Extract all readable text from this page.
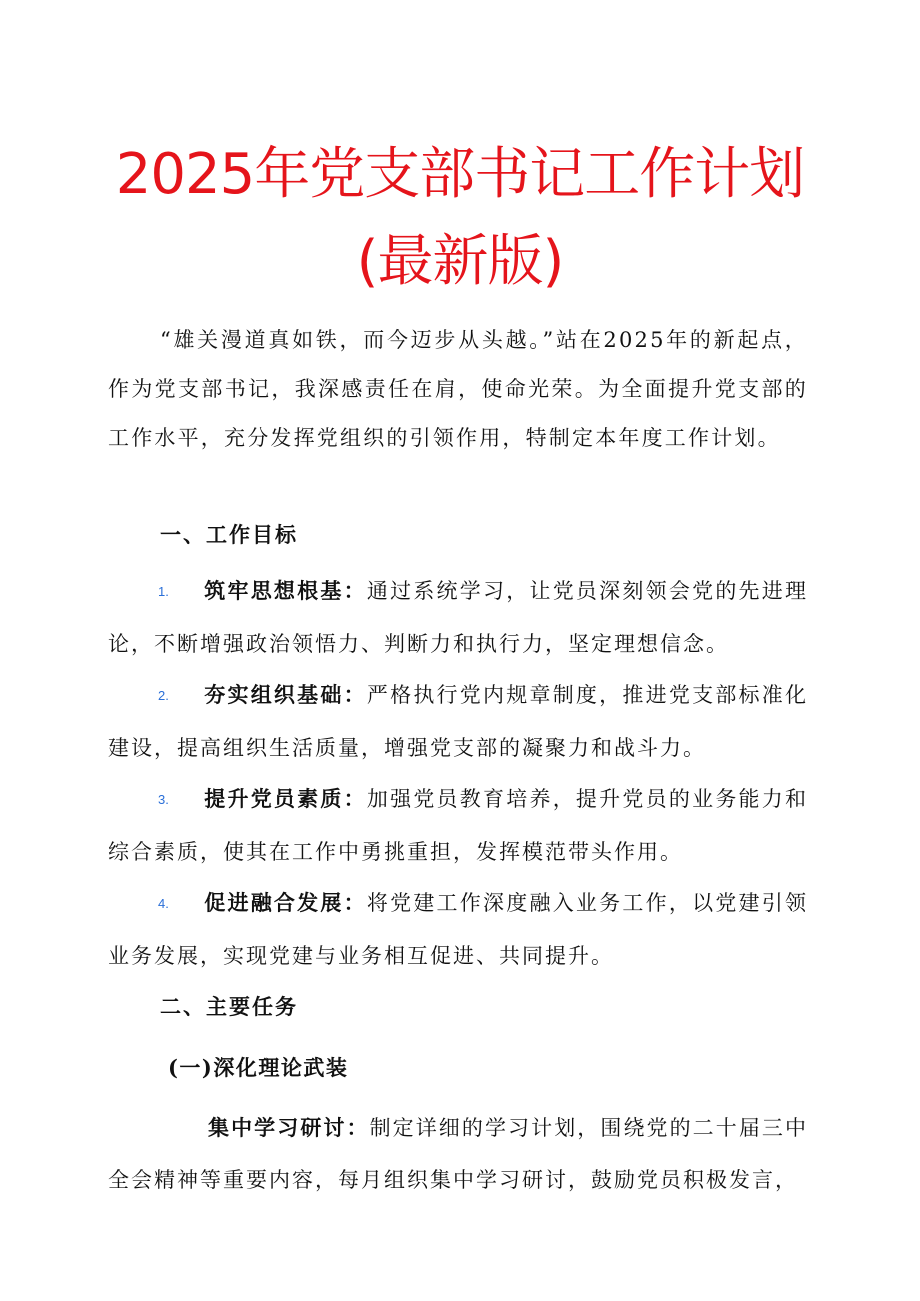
2025年党支部书记工作计划
(最新版)
“雄关漫道真如铁，而今迈步从头越。”站在2025年的新起点，作为党支部书记，我深感责任在肩，使命光荣。为全面提升党支部的工作水平，充分发挥党组织的引领作用，特制定本年度工作计划。
一、工作目标
1. 筑牢思想根基：通过系统学习，让党员深刻领会党的先进理论，不断增强政治领悟力、判断力和执行力，坚定理想信念。
2. 夯实组织基础：严格执行党内规章制度，推进党支部标准化建设，提高组织生活质量，增强党支部的凝聚力和战斗力。
3. 提升党员素质：加强党员教育培养，提升党员的业务能力和综合素质，使其在工作中勇挑重担，发挥模范带头作用。
4. 促进融合发展：将党建工作深度融入业务工作，以党建引领业务发展，实现党建与业务相互促进、共同提升。
二、主要任务
(一)深化理论武装
集中学习研讨：制定详细的学习计划，围绕党的二十届三中全会精神等重要内容，每月组织集中学习研讨，鼓励党员积极发言，
